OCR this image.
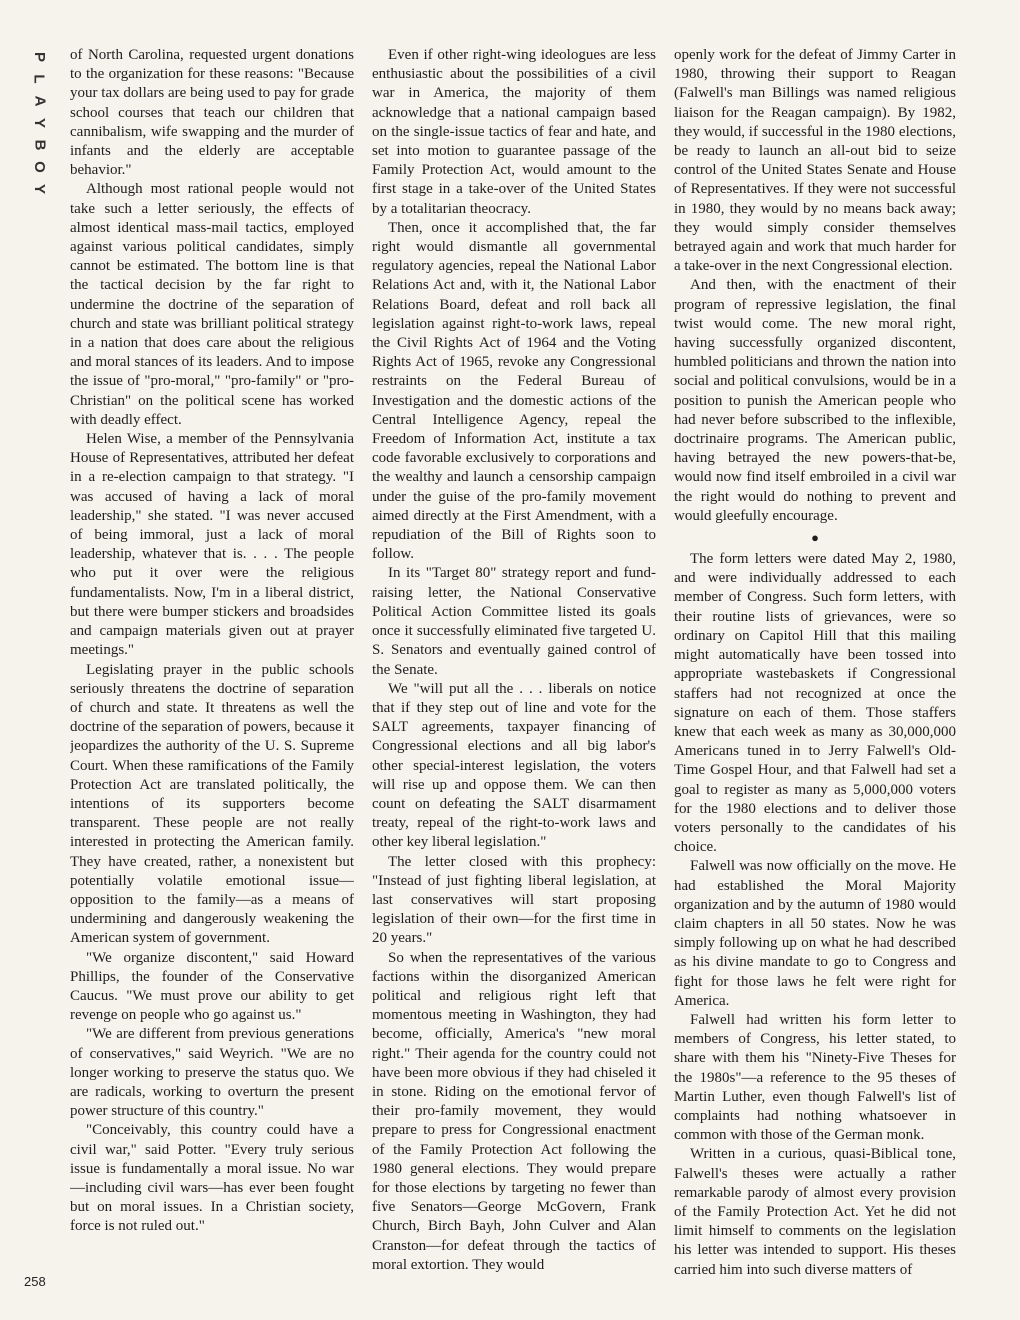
P
L
A
Y
B
O
Y
258

of North Carolina, requested urgent donations to the organization for these reasons: "Because your tax dollars are being used to pay for grade school courses that teach our children that cannibalism, wife swapping and the murder of infants and the elderly are acceptable behavior."

Although most rational people would not take such a letter seriously, the effects of almost identical mass-mail tactics, employed against various political candidates, simply cannot be estimated. The bottom line is that the tactical decision by the far right to undermine the doctrine of the separation of church and state was brilliant political strategy in a nation that does care about the religious and moral stances of its leaders. And to impose the issue of "pro-moral," "pro-family" or "pro-Christian" on the political scene has worked with deadly effect.

Helen Wise, a member of the Pennsylvania House of Representatives, attributed her defeat in a re-election campaign to that strategy. "I was accused of having a lack of moral leadership," she stated. "I was never accused of being immoral, just a lack of moral leadership, whatever that is. . . . The people who put it over were the religious fundamentalists. Now, I'm in a liberal district, but there were bumper stickers and broadsides and campaign materials given out at prayer meetings."

Legislating prayer in the public schools seriously threatens the doctrine of separation of church and state. It threatens as well the doctrine of the separation of powers, because it jeopardizes the authority of the U. S. Supreme Court. When these ramifications of the Family Protection Act are translated politically, the intentions of its supporters become transparent. These people are not really interested in protecting the American family. They have created, rather, a nonexistent but potentially volatile emotional issue—opposition to the family—as a means of undermining and dangerously weakening the American system of government.

"We organize discontent," said Howard Phillips, the founder of the Conservative Caucus. "We must prove our ability to get revenge on people who go against us."

"We are different from previous generations of conservatives," said Weyrich. "We are no longer working to preserve the status quo. We are radicals, working to overturn the present power structure of this country."

"Conceivably, this country could have a civil war," said Potter. "Every truly serious issue is fundamentally a moral issue. No war—including civil wars—has ever been fought but on moral issues. In a Christian society, force is not ruled out."

Even if other right-wing ideologues are less enthusiastic about the possibilities of a civil war in America, the majority of them acknowledge that a national campaign based on the single-issue tactics of fear and hate, and set into motion to guarantee passage of the Family Protection Act, would amount to the first stage in a take-over of the United States by a totalitarian theocracy.

Then, once it accomplished that, the far right would dismantle all governmental regulatory agencies, repeal the National Labor Relations Act and, with it, the National Labor Relations Board, defeat and roll back all legislation against right-to-work laws, repeal the Civil Rights Act of 1964 and the Voting Rights Act of 1965, revoke any Congressional restraints on the Federal Bureau of Investigation and the domestic actions of the Central Intelligence Agency, repeal the Freedom of Information Act, institute a tax code favorable exclusively to corporations and the wealthy and launch a censorship campaign under the guise of the pro-family movement aimed directly at the First Amendment, with a repudiation of the Bill of Rights soon to follow.

In its "Target 80" strategy report and fund-raising letter, the National Conservative Political Action Committee listed its goals once it successfully eliminated five targeted U. S. Senators and eventually gained control of the Senate.

We "will put all the . . . liberals on notice that if they step out of line and vote for the SALT agreements, taxpayer financing of Congressional elections and all big labor's other special-interest legislation, the voters will rise up and oppose them. We can then count on defeating the SALT disarmament treaty, repeal of the right-to-work laws and other key liberal legislation."

The letter closed with this prophecy: "Instead of just fighting liberal legislation, at last conservatives will start proposing legislation of their own—for the first time in 20 years."

So when the representatives of the various factions within the disorganized American political and religious right left that momentous meeting in Washington, they had become, officially, America's "new moral right." Their agenda for the country could not have been more obvious if they had chiseled it in stone. Riding on the emotional fervor of their pro-family movement, they would prepare to press for Congressional enactment of the Family Protection Act following the 1980 general elections. They would prepare for those elections by targeting no fewer than five Senators—George McGovern, Frank Church, Birch Bayh, John Culver and Alan Cranston—for defeat through the tactics of moral extortion. They would

openly work for the defeat of Jimmy Carter in 1980, throwing their support to Reagan (Falwell's man Billings was named religious liaison for the Reagan campaign). By 1982, they would, if successful in the 1980 elections, be ready to launch an all-out bid to seize control of the United States Senate and House of Representatives. If they were not successful in 1980, they would by no means back away; they would simply consider themselves betrayed again and work that much harder for a take-over in the next Congressional election.

And then, with the enactment of their program of repressive legislation, the final twist would come. The new moral right, having successfully organized discontent, humbled politicians and thrown the nation into social and political convulsions, would be in a position to punish the American people who had never before subscribed to the inflexible, doctrinaire programs. The American public, having betrayed the new powers-that-be, would now find itself embroiled in a civil war the right would do nothing to prevent and would gleefully encourage.

●

The form letters were dated May 2, 1980, and were individually addressed to each member of Congress. Such form letters, with their routine lists of grievances, were so ordinary on Capitol Hill that this mailing might automatically have been tossed into appropriate wastebaskets if Congressional staffers had not recognized at once the signature on each of them. Those staffers knew that each week as many as 30,000,000 Americans tuned in to Jerry Falwell's Old-Time Gospel Hour, and that Falwell had set a goal to register as many as 5,000,000 voters for the 1980 elections and to deliver those voters personally to the candidates of his choice.

Falwell was now officially on the move. He had established the Moral Majority organization and by the autumn of 1980 would claim chapters in all 50 states. Now he was simply following up on what he had described as his divine mandate to go to Congress and fight for those laws he felt were right for America.

Falwell had written his form letter to members of Congress, his letter stated, to share with them his "Ninety-Five Theses for the 1980s"—a reference to the 95 theses of Martin Luther, even though Falwell's list of complaints had nothing whatsoever in common with those of the German monk.

Written in a curious, quasi-Biblical tone, Falwell's theses were actually a rather remarkable parody of almost every provision of the Family Protection Act. Yet he did not limit himself to comments on the legislation his letter was intended to support. His theses carried him into such diverse matters of
